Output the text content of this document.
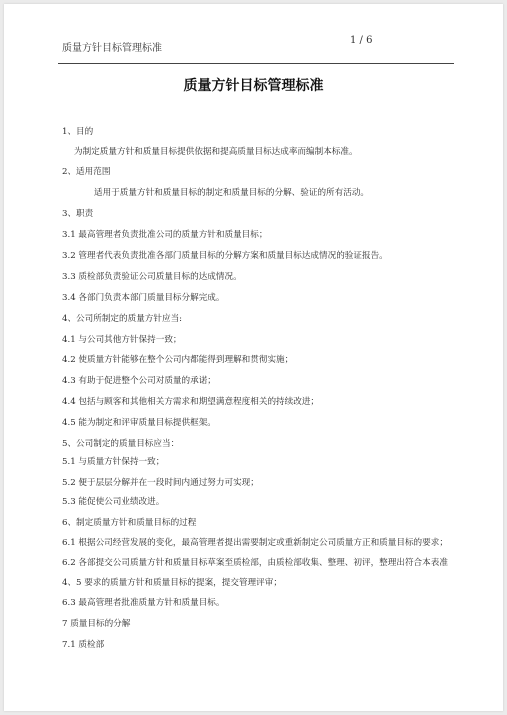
质量方针目标管理标准
1 / 6
质量方针目标管理标准
1、目的
为制定质量方针和质量目标提供依据和提高质量目标达成率而编制本标准。
2、适用范围
适用于质量方针和质量目标的制定和质量目标的分解、验证的所有活动。
3、职责
3.1 最高管理者负责批准公司的质量方针和质量目标；
3.2 管理者代表负责批准各部门质量目标的分解方案和质量目标达成情况的验证报告。
3.3 质检部负责验证公司质量目标的达成情况。
3.4 各部门负责本部门质量目标分解完成。
4、公司所制定的质量方针应当:
4.1 与公司其他方针保持一致；
4.2 使质量方针能够在整个公司内都能得到理解和贯彻实施；
4.3 有助于促进整个公司对质量的承诺；
4.4 包括与顾客和其他相关方需求和期望满意程度相关的持续改进；
4.5 能为制定和评审质量目标提供框架。
5、公司制定的质量目标应当：
5.1 与质量方针保持一致；
5.2 便于层层分解并在一段时间内通过努力可实现；
5.3 能促使公司业绩改进。
6、制定质量方针和质量目标的过程
6.1 根据公司经营发展的变化，最高管理者提出需要制定或重新制定公司质量方正和质量目标的要求；
6.2 各部提交公司质量方针和质量目标草案至质检部，由质检部收集、整理、初评，整理出符合本表准
4、5 要求的质量方针和质量目标的提案，提交管理评审；
6.3 最高管理者批准质量方针和质量目标。
7 质量目标的分解
7.1 质检部
